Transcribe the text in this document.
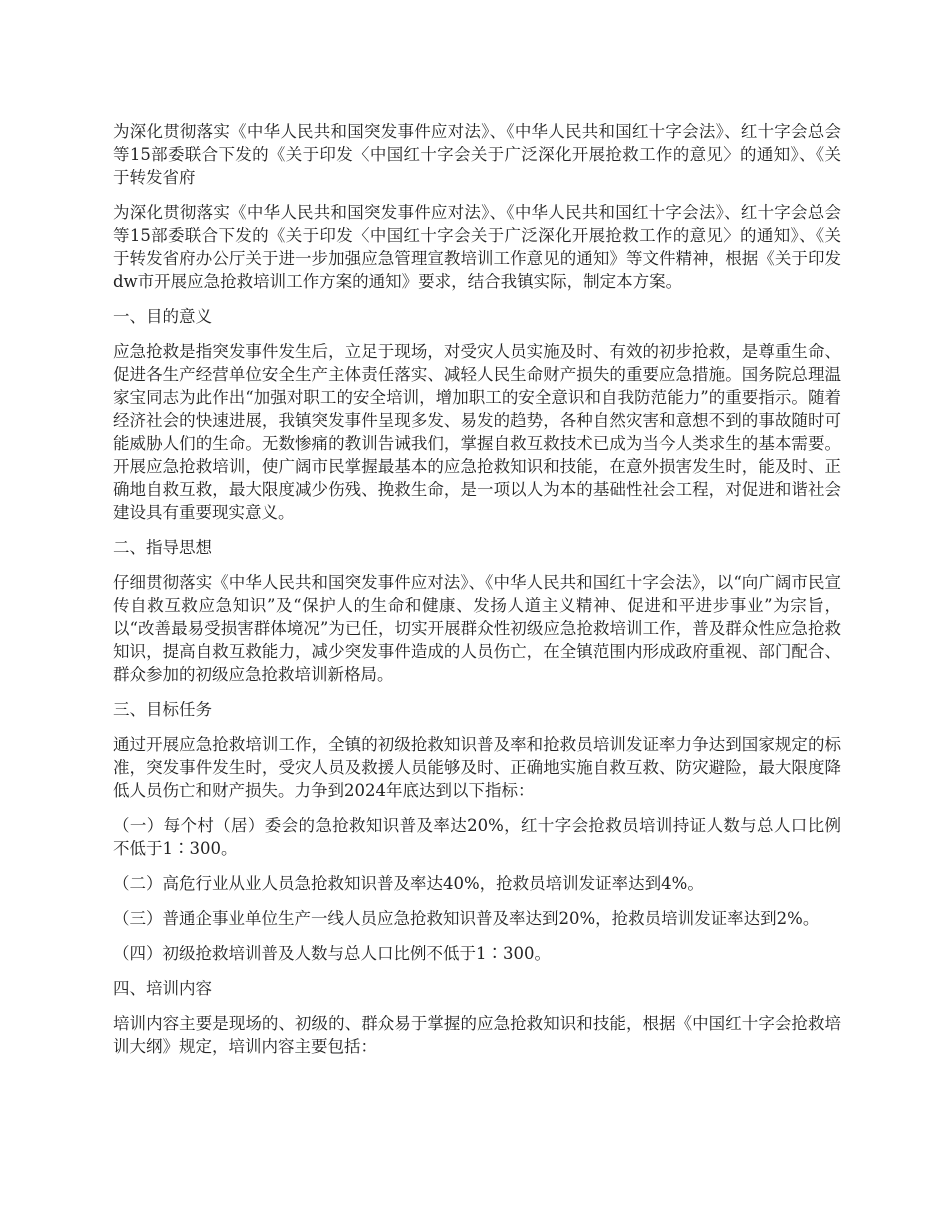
为深化贯彻落实《中华人民共和国突发事件应对法》、《中华人民共和国红十字会法》、红十字会总会等15部委联合下发的《关于印发〈中国红十字会关于广泛深化开展抢救工作的意见〉的通知》、《关于转发省府

为深化贯彻落实《中华人民共和国突发事件应对法》、《中华人民共和国红十字会法》、红十字会总会等15部委联合下发的《关于印发〈中国红十字会关于广泛深化开展抢救工作的意见〉的通知》、《关于转发省府办公厅关于进一步加强应急管理宣教培训工作意见的通知》等文件精神，根据《关于印发dw市开展应急抢救培训工作方案的通知》要求，结合我镇实际，制定本方案。

一、目的意义

应急抢救是指突发事件发生后，立足于现场，对受灾人员实施及时、有效的初步抢救，是尊重生命、促进各生产经营单位安全生产主体责任落实、减轻人民生命财产损失的重要应急措施。国务院总理温家宝同志为此作出“加强对职工的安全培训，增加职工的安全意识和自我防范能力”的重要指示。随着经济社会的快速进展，我镇突发事件呈现多发、易发的趋势，各种自然灾害和意想不到的事故随时可能威胁人们的生命。无数惨痛的教训告诫我们，掌握自救互救技术已成为当今人类求生的基本需要。开展应急抢救培训，使广阔市民掌握最基本的应急抢救知识和技能，在意外损害发生时，能及时、正确地自救互救，最大限度减少伤残、挽救生命，是一项以人为本的基础性社会工程，对促进和谐社会建设具有重要现实意义。

二、指导思想

仔细贯彻落实《中华人民共和国突发事件应对法》、《中华人民共和国红十字会法》，以“向广阔市民宣传自救互救应急知识”及“保护人的生命和健康、发扬人道主义精神、促进和平进步事业”为宗旨，以“改善最易受损害群体境况”为已任，切实开展群众性初级应急抢救培训工作，普及群众性应急抢救知识，提高自救互救能力，减少突发事件造成的人员伤亡，在全镇范围内形成政府重视、部门配合、群众参加的初级应急抢救培训新格局。

三、目标任务

通过开展应急抢救培训工作，全镇的初级抢救知识普及率和抢救员培训发证率力争达到国家规定的标准，突发事件发生时，受灾人员及救援人员能够及时、正确地实施自救互救、防灾避险，最大限度降低人员伤亡和财产损失。力争到2024年底达到以下指标：

（一）每个村（居）委会的急抢救知识普及率达20%，红十字会抢救员培训持证人数与总人口比例不低于1∶300。

（二）高危行业从业人员急抢救知识普及率达40%，抢救员培训发证率达到4%。

（三）普通企事业单位生产一线人员应急抢救知识普及率达到20%，抢救员培训发证率达到2%。

（四）初级抢救培训普及人数与总人口比例不低于1∶300。

四、培训内容

培训内容主要是现场的、初级的、群众易于掌握的应急抢救知识和技能，根据《中国红十字会抢救培训大纲》规定，培训内容主要包括：
